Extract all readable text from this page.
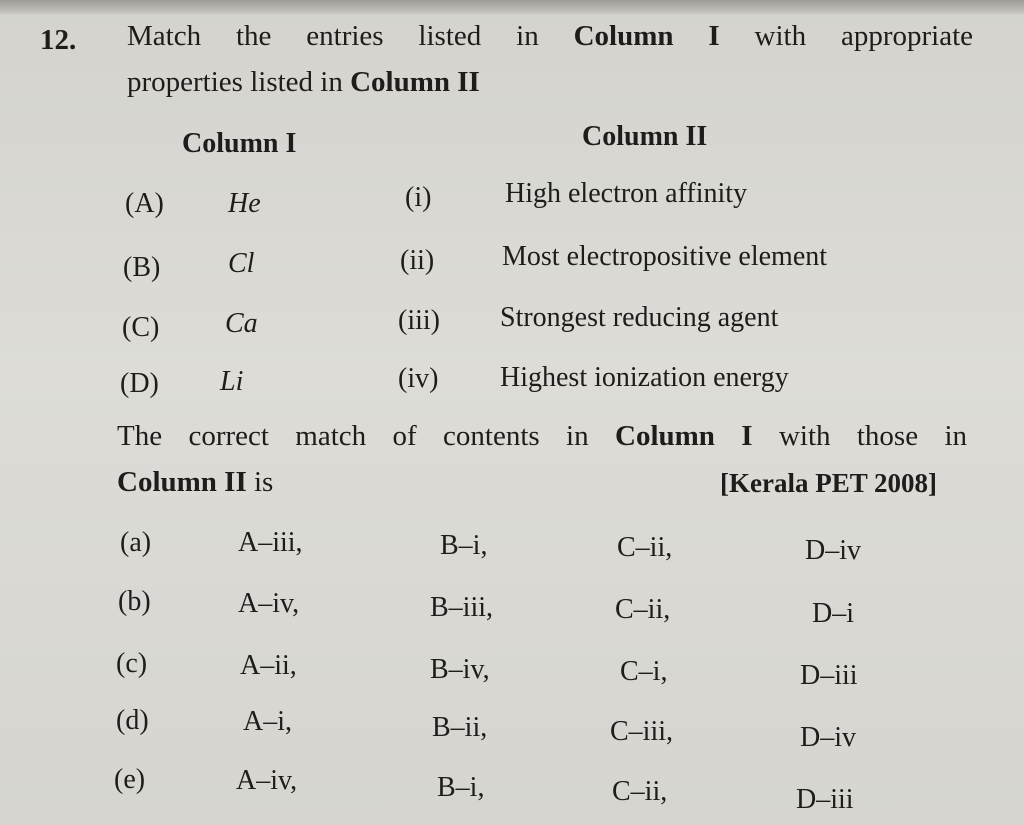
12. Match the entries listed in Column I with appropriate
properties listed in Column II
Column I	Column II
(A) He	(i)	High electron affinity
(B) Cl	(ii) Most electropositive element
(C) Ca	(iii) Strongest reducing agent
(D) Li	(iv) Highest ionization energy
The correct match of contents in Column I with those in
Column II is	[Kerala PET 2008]
(a)	A–iii,	B–i,	C–ii,	D–iv
(b)	A–iv,	B–iii,	C–ii,	D–i
(c)	A–ii,	B–iv,	C–i,	D–iii
(d)	A–i,	B–ii,	C–iii,	D–iv
(e)	A–iv,	B–i,	C–ii,	D–iii
